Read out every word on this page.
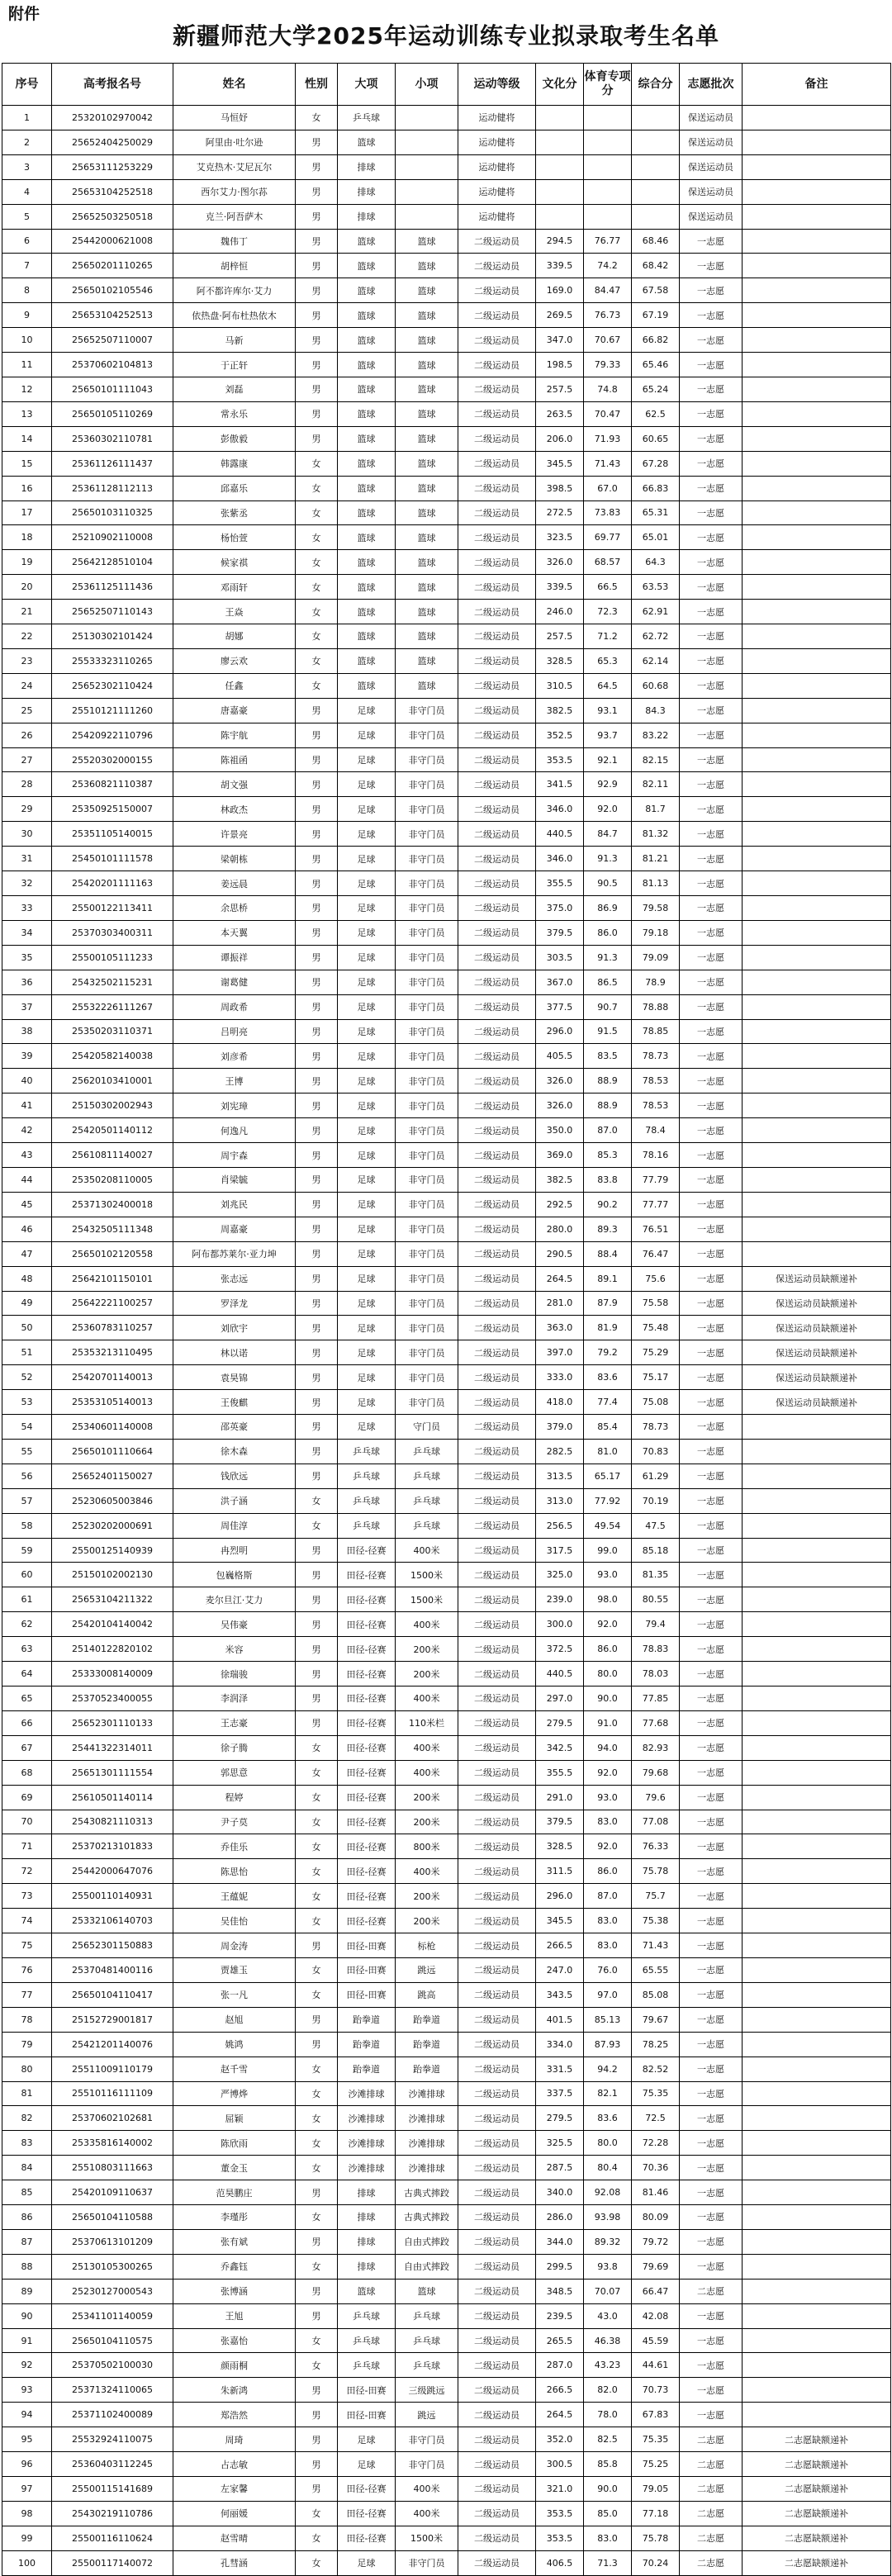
附件
新疆师范大学2025年运动训练专业拟录取考生名单
序号	高考报名号	姓名	性别	大项	小项	运动等级	文化分	体育专项分	综合分	志愿批次	备注
1	25320102970042	马恒妤	女	乒乓球		运动健将				保送运动员	
2	25652404250029	阿里由·吐尔逊	男	篮球		运动健将				保送运动员	
3	25653111253229	艾克热木·艾尼瓦尔	男	排球		运动健将				保送运动员	
4	25653104252518	西尔艾力·图尔荪	男	排球		运动健将				保送运动员	
5	25652503250518	克兰·阿吾萨木	男	排球		运动健将				保送运动员	
6	25442000621008	魏伟丁	男	篮球	篮球	二级运动员	294.5	76.77	68.46	一志愿	
7	25650201110265	胡梓恒	男	篮球	篮球	二级运动员	339.5	74.2	68.42	一志愿	
8	25650102105546	阿不都许库尔·艾力	男	篮球	篮球	二级运动员	169.0	84.47	67.58	一志愿	
9	25653104252513	依热盘·阿布杜热依木	男	篮球	篮球	二级运动员	269.5	76.73	67.19	一志愿	
10	25652507110007	马新	男	篮球	篮球	二级运动员	347.0	70.67	66.82	一志愿	
11	25370602104813	于正轩	男	篮球	篮球	二级运动员	198.5	79.33	65.46	一志愿	
12	25650101111043	刘磊	男	篮球	篮球	二级运动员	257.5	74.8	65.24	一志愿	
13	25650105110269	常永乐	男	篮球	篮球	二级运动员	263.5	70.47	62.5	一志愿	
14	25360302110781	彭傲毅	男	篮球	篮球	二级运动员	206.0	71.93	60.65	一志愿	
15	25361126111437	韩露康	女	篮球	篮球	二级运动员	345.5	71.43	67.28	一志愿	
16	25361128112113	邱嘉乐	女	篮球	篮球	二级运动员	398.5	67.0	66.83	一志愿	
17	25650103110325	张紫丞	女	篮球	篮球	二级运动员	272.5	73.83	65.31	一志愿	
18	25210902110008	杨怡萱	女	篮球	篮球	二级运动员	323.5	69.77	65.01	一志愿	
19	25642128510104	候家祺	女	篮球	篮球	二级运动员	326.0	68.57	64.3	一志愿	
20	25361125111436	邓雨轩	女	篮球	篮球	二级运动员	339.5	66.5	63.53	一志愿	
21	25652507110143	王焱	女	篮球	篮球	二级运动员	246.0	72.3	62.91	一志愿	
22	25130302101424	胡娜	女	篮球	篮球	二级运动员	257.5	71.2	62.72	一志愿	
23	25533323110265	廖云欢	女	篮球	篮球	二级运动员	328.5	65.3	62.14	一志愿	
24	25652302110424	任鑫	女	篮球	篮球	二级运动员	310.5	64.5	60.68	一志愿	
25	25510121111260	唐嘉豪	男	足球	非守门员	二级运动员	382.5	93.1	84.3	一志愿	
26	25420922110796	陈宇航	男	足球	非守门员	二级运动员	352.5	93.7	83.22	一志愿	
27	25520302000155	陈祖函	男	足球	非守门员	二级运动员	353.5	92.1	82.15	一志愿	
28	25360821110387	胡文强	男	足球	非守门员	二级运动员	341.5	92.9	82.11	一志愿	
29	25350925150007	林政杰	男	足球	非守门员	二级运动员	346.0	92.0	81.7	一志愿	
30	25351105140015	许景亮	男	足球	非守门员	二级运动员	440.5	84.7	81.32	一志愿	
31	25450101111578	梁朝栋	男	足球	非守门员	二级运动员	346.0	91.3	81.21	一志愿	
32	25420201111163	姜远晨	男	足球	非守门员	二级运动员	355.5	90.5	81.13	一志愿	
33	25500122113411	余思桥	男	足球	非守门员	二级运动员	375.0	86.9	79.58	一志愿	
34	25370303400311	本天翼	男	足球	非守门员	二级运动员	379.5	86.0	79.18	一志愿	
35	25500105111233	谭振祥	男	足球	非守门员	二级运动员	303.5	91.3	79.09	一志愿	
36	25432502115231	谢葛健	男	足球	非守门员	二级运动员	367.0	86.5	78.9	一志愿	
37	25532226111267	周政希	男	足球	非守门员	二级运动员	377.5	90.7	78.88	一志愿	
38	25350203110371	吕明亮	男	足球	非守门员	二级运动员	296.0	91.5	78.85	一志愿	
39	25420582140038	刘彦希	男	足球	非守门员	二级运动员	405.5	83.5	78.73	一志愿	
40	25620103410001	王博	男	足球	非守门员	二级运动员	326.0	88.9	78.53	一志愿	
41	25150302002943	刘宪璋	男	足球	非守门员	二级运动员	326.0	88.9	78.53	一志愿	
42	25420501140112	何逸凡	男	足球	非守门员	二级运动员	350.0	87.0	78.4	一志愿	
43	25610811140027	周宇森	男	足球	非守门员	二级运动员	369.0	85.3	78.16	一志愿	
44	25350208110005	肖梁毓	男	足球	非守门员	二级运动员	382.5	83.8	77.79	一志愿	
45	25371302400018	刘兆民	男	足球	非守门员	二级运动员	292.5	90.2	77.77	一志愿	
46	25432505111348	周嘉豪	男	足球	非守门员	二级运动员	280.0	89.3	76.51	一志愿	
47	25650102120558	阿布都苏莱尔·亚力坤	男	足球	非守门员	二级运动员	290.5	88.4	76.47	一志愿	
48	25642101150101	张志远	男	足球	非守门员	二级运动员	264.5	89.1	75.6	一志愿	保送运动员缺额递补
49	25642221100257	罗泽龙	男	足球	非守门员	二级运动员	281.0	87.9	75.58	一志愿	保送运动员缺额递补
50	25360783110257	刘欣宇	男	足球	非守门员	二级运动员	363.0	81.9	75.48	一志愿	保送运动员缺额递补
51	25353213110495	林以诺	男	足球	非守门员	二级运动员	397.0	79.2	75.29	一志愿	保送运动员缺额递补
52	25420701140013	袁昊锦	男	足球	非守门员	二级运动员	333.0	83.6	75.17	一志愿	保送运动员缺额递补
53	25353105140013	王俊麒	男	足球	非守门员	二级运动员	418.0	77.4	75.08	一志愿	保送运动员缺额递补
54	25340601140008	邵英豪	男	足球	守门员	二级运动员	379.0	85.4	78.73	一志愿	
55	25650101110664	徐木森	男	乒乓球	乒乓球	二级运动员	282.5	81.0	70.83	一志愿	
56	25652401150027	钱欣远	男	乒乓球	乒乓球	二级运动员	313.5	65.17	61.29	一志愿	
57	25230605003846	洪子涵	女	乒乓球	乒乓球	二级运动员	313.0	77.92	70.19	一志愿	
58	25230202000691	周佳淳	女	乒乓球	乒乓球	二级运动员	256.5	49.54	47.5	一志愿	
59	25500125140939	冉烈明	男	田径-径赛	400米	二级运动员	317.5	99.0	85.18	一志愿	
60	25150102002130	包巍格斯	男	田径-径赛	1500米	二级运动员	325.0	93.0	81.35	一志愿	
61	25653104211322	麦尔旦江·艾力	男	田径-径赛	1500米	二级运动员	239.0	98.0	80.55	一志愿	
62	25420104140042	吴伟豪	男	田径-径赛	400米	二级运动员	300.0	92.0	79.4	一志愿	
63	25140122820102	米容	男	田径-径赛	200米	二级运动员	372.5	86.0	78.83	一志愿	
64	25333008140009	徐瑞骏	男	田径-径赛	200米	二级运动员	440.5	80.0	78.03	一志愿	
65	25370523400055	李润泽	男	田径-径赛	400米	二级运动员	297.0	90.0	77.85	一志愿	
66	25652301110133	王志豪	男	田径-径赛	110米栏	二级运动员	279.5	91.0	77.68	一志愿	
67	25441322314011	徐子腾	女	田径-径赛	400米	二级运动员	342.5	94.0	82.93	一志愿	
68	25651301111554	郭思意	女	田径-径赛	400米	二级运动员	355.5	92.0	79.68	一志愿	
69	25610501140114	程婷	女	田径-径赛	200米	二级运动员	291.0	93.0	79.6	一志愿	
70	25430821110313	尹子莫	女	田径-径赛	200米	二级运动员	379.5	83.0	77.08	一志愿	
71	25370213101833	乔佳乐	女	田径-径赛	800米	二级运动员	328.5	92.0	76.33	一志愿	
72	25442000647076	陈思怡	女	田径-径赛	400米	二级运动员	311.5	86.0	75.78	一志愿	
73	25500110140931	王蕴妮	女	田径-径赛	200米	二级运动员	296.0	87.0	75.7	一志愿	
74	25332106140703	吴佳怡	女	田径-径赛	200米	二级运动员	345.5	83.0	75.38	一志愿	
75	25652301150883	周金涛	男	田径-田赛	标枪	二级运动员	266.5	83.0	71.43	一志愿	
76	25370481400116	贾雄玉	女	田径-田赛	跳远	二级运动员	247.0	76.0	65.55	一志愿	
77	25650104110417	张一凡	女	田径-田赛	跳高	二级运动员	343.5	97.0	85.08	一志愿	
78	25152729001817	赵旭	男	跆拳道	跆拳道	二级运动员	401.5	85.13	79.67	一志愿	
79	25421201140076	姚鸿	男	跆拳道	跆拳道	二级运动员	334.0	87.93	78.25	一志愿	
80	25511009110179	赵千雪	女	跆拳道	跆拳道	二级运动员	331.5	94.2	82.52	一志愿	
81	25510116111109	严博烨	女	沙滩排球	沙滩排球	二级运动员	337.5	82.1	75.35	一志愿	
82	25370602102681	屈颖	女	沙滩排球	沙滩排球	二级运动员	279.5	83.6	72.5	一志愿	
83	25335816140002	陈欣雨	女	沙滩排球	沙滩排球	二级运动员	325.5	80.0	72.28	一志愿	
84	25510803111663	董金玉	女	沙滩排球	沙滩排球	二级运动员	287.5	80.4	70.36	一志愿	
85	25420109110637	范昊鹏庄	男	排球	古典式摔跤	二级运动员	340.0	92.08	81.46	一志愿	
86	25650104110588	李瑾彤	女	排球	古典式摔跤	二级运动员	286.0	93.98	80.09	一志愿	
87	25370613101209	张有斌	男	排球	自由式摔跤	二级运动员	344.0	89.32	79.72	一志愿	
88	25130105300265	乔鑫钰	女	排球	自由式摔跤	二级运动员	299.5	93.8	79.69	一志愿	
89	25230127000543	张博涵	男	篮球	篮球	二级运动员	348.5	70.07	66.47	二志愿	
90	25341101140059	王旭	男	乒乓球	乒乓球	二级运动员	239.5	43.0	42.08	一志愿	
91	25650104110575	张嘉怡	女	乒乓球	乒乓球	二级运动员	265.5	46.38	45.59	一志愿	
92	25370502100030	颜雨桐	女	乒乓球	乒乓球	二级运动员	287.0	43.23	44.61	一志愿	
93	25371324110065	朱新鸿	男	田径-田赛	三级跳远	二级运动员	266.5	82.0	70.73	一志愿	
94	25371102400089	郑浩然	男	田径-田赛	跳远	二级运动员	264.5	78.0	67.83	一志愿	
95	25532924110075	周琦	男	足球	非守门员	二级运动员	352.0	82.5	75.35	二志愿	二志愿缺额递补
96	25360403112245	占志敏	男	足球	非守门员	二级运动员	300.5	85.8	75.25	二志愿	二志愿缺额递补
97	25500115141689	左家馨	男	田径-径赛	400米	二级运动员	321.0	90.0	79.05	二志愿	二志愿缺额递补
98	25430219110786	何丽媛	女	田径-径赛	400米	二级运动员	353.5	85.0	77.18	二志愿	二志愿缺额递补
99	25500116110624	赵雪晴	女	田径-径赛	1500米	二级运动员	353.5	83.0	75.78	二志愿	二志愿缺额递补
100	25500117140072	孔彗涵	女	足球	非守门员	二级运动员	406.5	71.3	70.24	二志愿	二志愿缺额递补
